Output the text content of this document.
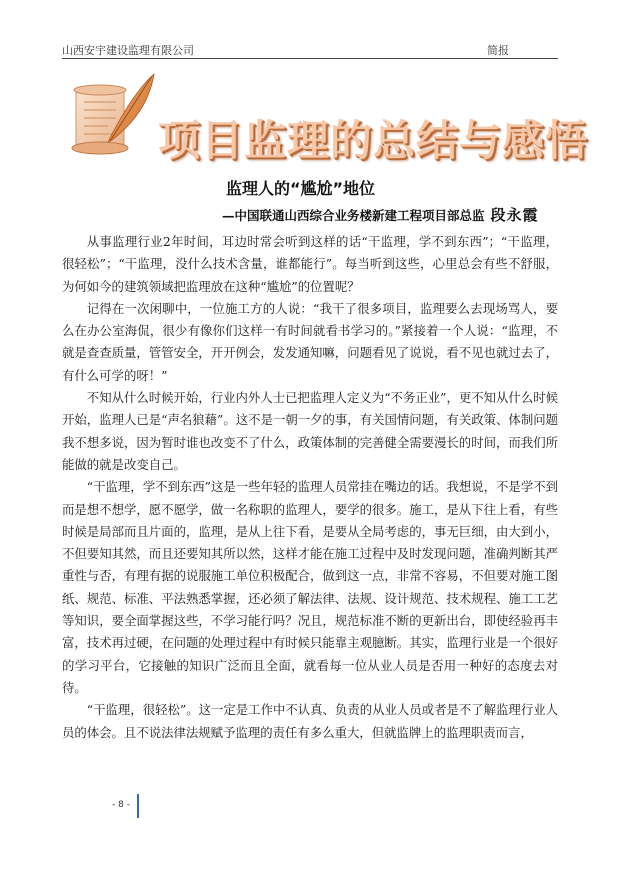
山西安宇建设监理有限公司	简报
项目监理的总结与感悟
监理人的“尴尬”地位
—中国联通山西综合业务楼新建工程项目部总监 段永霞

从事监理行业2年时间，耳边时常会听到这样的话“干监理，学不到东西”；“干监理，很轻松”；“干监理，没什么技术含量，谁都能行”。每当听到这些，心里总会有些不舒服，为何如今的建筑领域把监理放在这种“尴尬”的位置呢？

记得在一次闲聊中，一位施工方的人说：“我干了很多项目，监理要么去现场骂人，要么在办公室海侃，很少有像你们这样一有时间就看书学习的。”紧接着一个人说：“监理，不就是查查质量，管管安全，开开例会，发发通知嘛，问题看见了说说，看不见也就过去了，有什么可学的呀！”

不知从什么时候开始，行业内外人士已把监理人定义为“不务正业”，更不知从什么时候开始，监理人已是“声名狼藉”。这不是一朝一夕的事，有关国情问题，有关政策、体制问题我不想多说，因为暂时谁也改变不了什么，政策体制的完善健全需要漫长的时间，而我们所能做的就是改变自己。

“干监理，学不到东西”这是一些年轻的监理人员常挂在嘴边的话。我想说，不是学不到而是想不想学，愿不愿学，做一名称职的监理人，要学的很多。施工，是从下往上看，有些时候是局部而且片面的，监理，是从上往下看，是要从全局考虑的，事无巨细，由大到小，不但要知其然，而且还要知其所以然，这样才能在施工过程中及时发现问题，准确判断其严重性与否，有理有据的说服施工单位积极配合，做到这一点，非常不容易，不但要对施工图纸、规范、标准、平法熟悉掌握，还必须了解法律、法规、设计规范、技术规程、施工工艺等知识，要全面掌握这些，不学习能行吗？况且，规范标准不断的更新出台，即使经验再丰富，技术再过硬，在问题的处理过程中有时候只能靠主观臆断。其实，监理行业是一个很好的学习平台，它接触的知识广泛而且全面，就看每一位从业人员是否用一种好的态度去对待。

“干监理，很轻松”。这一定是工作中不认真、负责的从业人员或者是不了解监理行业人员的体会。且不说法律法规赋予监理的责任有多么重大，但就监牌上的监理职责而言，

- 8 -
